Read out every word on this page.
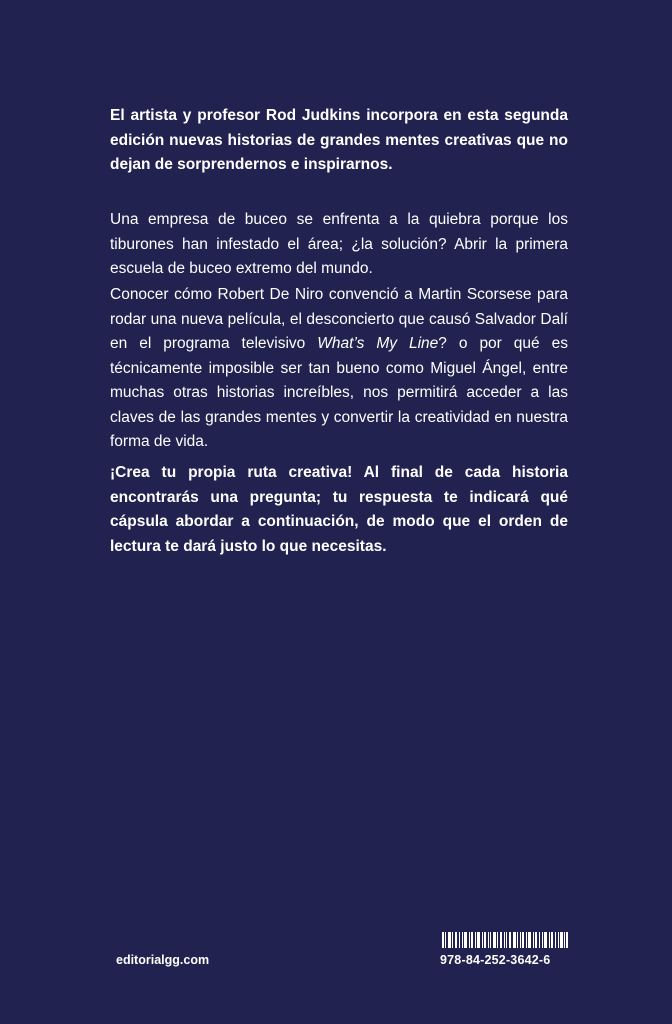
El artista y profesor Rod Judkins incorpora en esta segunda edición nuevas historias de grandes mentes creativas que no dejan de sorprendernos e inspirarnos.

Una empresa de buceo se enfrenta a la quiebra porque los tiburones han infestado el área; ¿la solución? Abrir la primera escuela de buceo extremo del mundo.

Conocer cómo Robert De Niro convenció a Martin Scorsese para rodar una nueva película, el desconcierto que causó Salvador Dalí en el programa televisivo What’s My Line? o por qué es técnicamente imposible ser tan bueno como Miguel Ángel, entre muchas otras historias increíbles, nos permitirá acceder a las claves de las grandes mentes y convertir la creatividad en nuestra forma de vida.

¡Crea tu propia ruta creativa! Al final de cada historia encontrarás una pregunta; tu respuesta te indicará qué cápsula abordar a continuación, de modo que el orden de lectura te dará justo lo que necesitas.

editorialgg.com	978-84-252-3642-6
